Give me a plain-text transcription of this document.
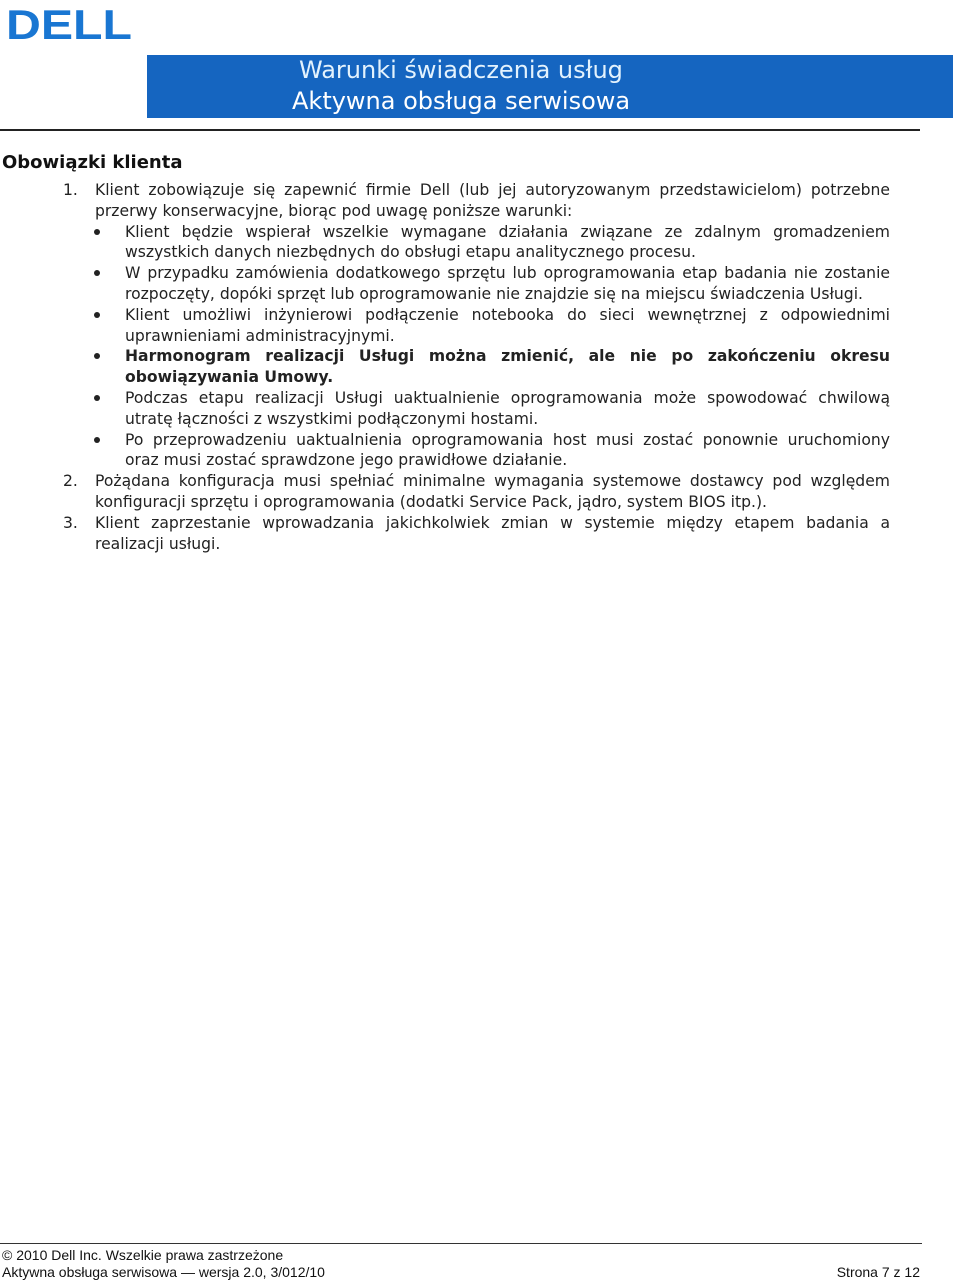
DELL
Warunki świadczenia usług
Aktywna obsługa serwisowa
Obowiązki klienta
1. Klient zobowiązuje się zapewnić firmie Dell (lub jej autoryzowanym przedstawicielom) potrzebne przerwy konserwacyjne, biorąc pod uwagę poniższe warunki:
Klient będzie wspierał wszelkie wymagane działania związane ze zdalnym gromadzeniem wszystkich danych niezbędnych do obsługi etapu analitycznego procesu.
W przypadku zamówienia dodatkowego sprzętu lub oprogramowania etap badania nie zostanie rozpoczęty, dopóki sprzęt lub oprogramowanie nie znajdzie się na miejscu świadczenia Usługi.
Klient umożliwi inżynierowi podłączenie notebooka do sieci wewnętrznej z odpowiednimi uprawnieniami administracyjnymi.
Harmonogram realizacji Usługi można zmienić, ale nie po zakończeniu okresu obowiązywania Umowy.
Podczas etapu realizacji Usługi uaktualnienie oprogramowania może spowodować chwilową utratę łączności z wszystkimi podłączonymi hostami.
Po przeprowadzeniu uaktualnienia oprogramowania host musi zostać ponownie uruchomiony oraz musi zostać sprawdzone jego prawidłowe działanie.
2. Pożądana konfiguracja musi spełniać minimalne wymagania systemowe dostawcy pod względem konfiguracji sprzętu i oprogramowania (dodatki Service Pack, jądro, system BIOS itp.).
3. Klient zaprzestanie wprowadzania jakichkolwiek zmian w systemie między etapem badania a realizacji usługi.
© 2010 Dell Inc. Wszelkie prawa zastrzeżone
Aktywna obsługa serwisowa — wersja 2.0, 3/012/10	Strona 7 z 12
